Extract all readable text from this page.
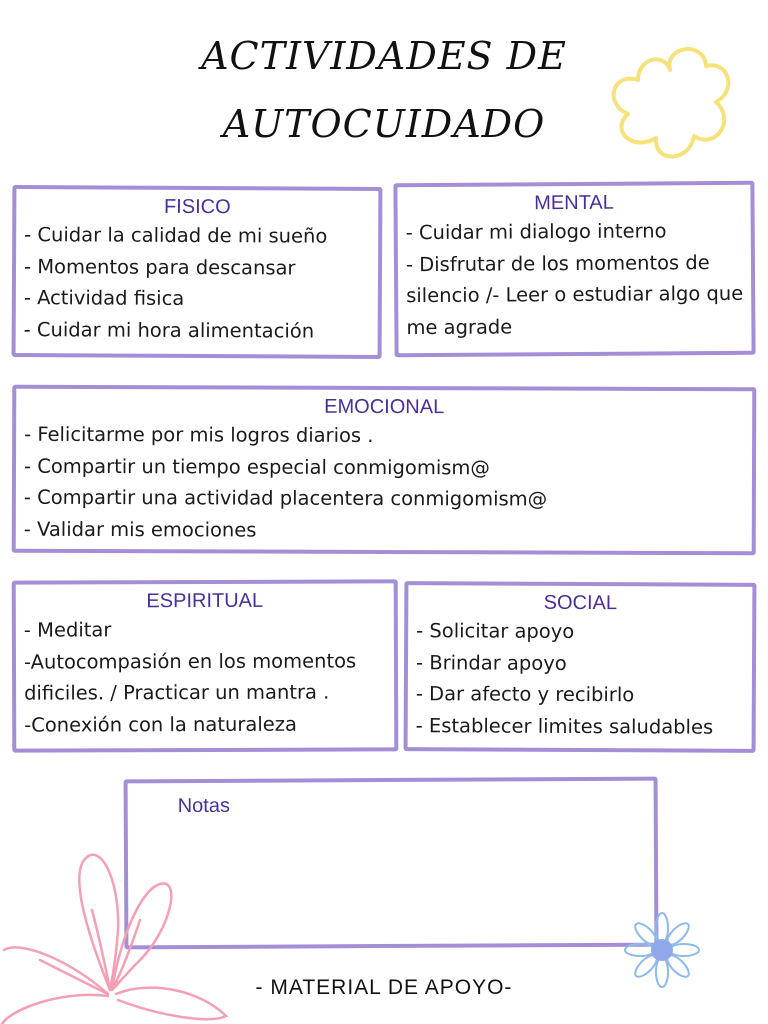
ACTIVIDADES DE
AUTOCUIDADO
FISICO
- Cuidar la calidad de mi sueño
- Momentos para descansar
- Actividad fisica
- Cuidar mi hora alimentación
MENTAL
- Cuidar mi dialogo interno
- Disfrutar de los momentos de silencio /- Leer o estudiar algo que me agrade
EMOCIONAL
- Felicitarme por mis logros diarios .
- Compartir un tiempo especial conmigomism@
- Compartir una actividad placentera conmigomism@
- Validar mis emociones
ESPIRITUAL
- Meditar
-Autocompasión en los momentos dificiles. / Practicar un mantra .
-Conexión con la naturaleza
SOCIAL
- Solicitar apoyo
- Brindar apoyo
- Dar afecto y recibirlo
- Establecer limites saludables
Notas
- MATERIAL DE APOYO-
